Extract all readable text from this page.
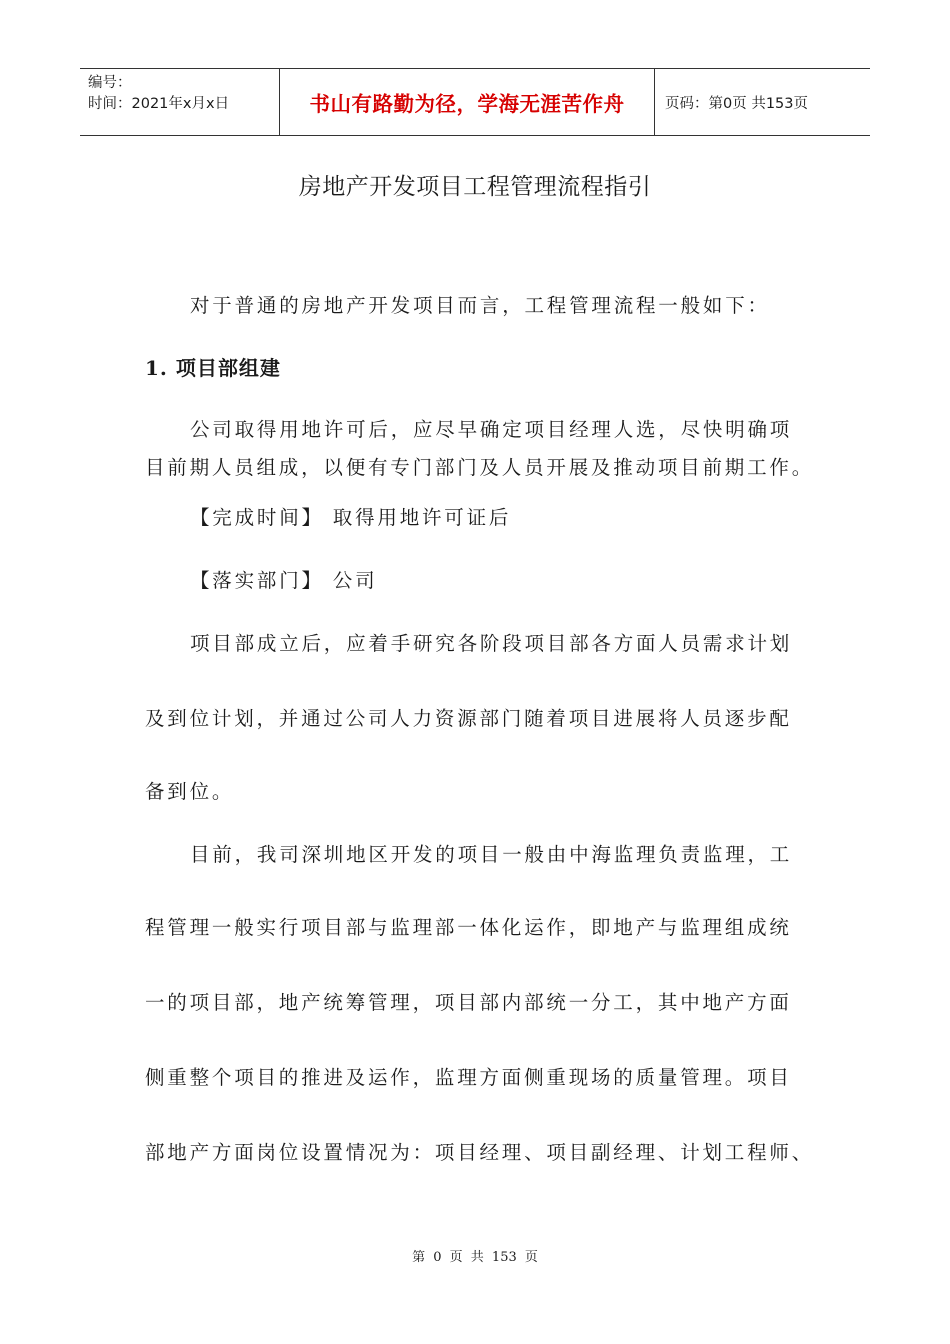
编号：
时间：2021年x月x日	书山有路勤为径，学海无涯苦作舟	页码：第0页 共153页
房地产开发项目工程管理流程指引

对于普通的房地产开发项目而言，工程管理流程一般如下：

1. 项目部组建

公司取得用地许可后，应尽早确定项目经理人选，尽快明确项

目前期人员组成，以便有专门部门及人员开展及推动项目前期工作。

【完成时间】 取得用地许可证后

【落实部门】 公司

项目部成立后，应着手研究各阶段项目部各方面人员需求计划

及到位计划，并通过公司人力资源部门随着项目进展将人员逐步配

备到位。

目前，我司深圳地区开发的项目一般由中海监理负责监理，工

程管理一般实行项目部与监理部一体化运作，即地产与监理组成统

一的项目部，地产统筹管理，项目部内部统一分工，其中地产方面

侧重整个项目的推进及运作，监理方面侧重现场的质量管理。项目

部地产方面岗位设置情况为：项目经理、项目副经理、计划工程师、

第 0 页 共 153 页
